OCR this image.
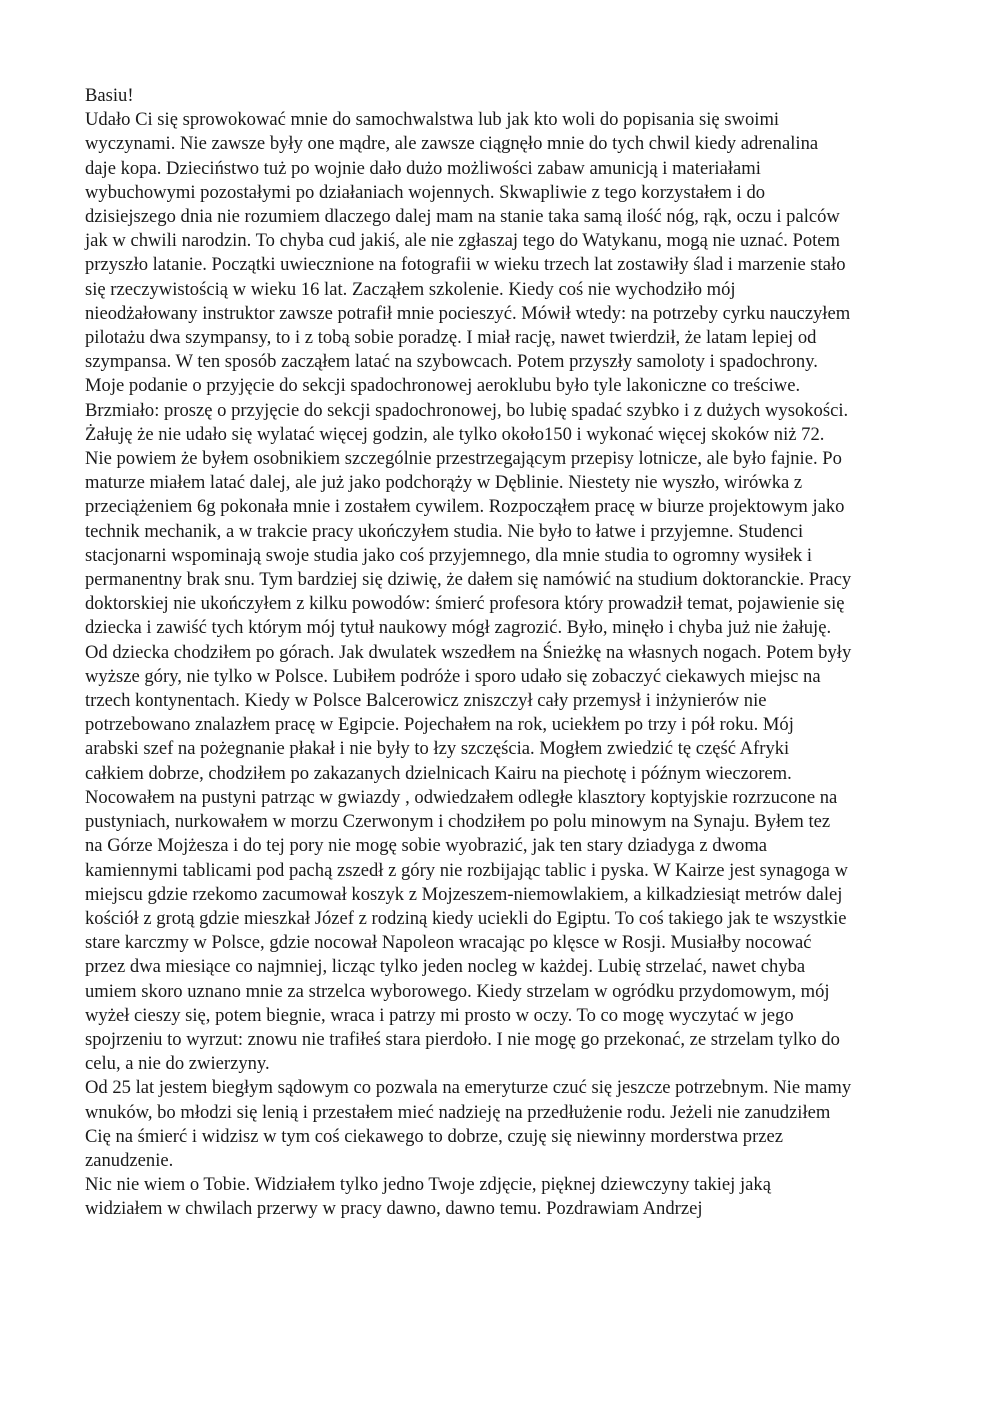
Basiu!

Udało Ci się sprowokować mnie do samochwalstwa lub jak kto woli do popisania się swoimi
wyczynami. Nie zawsze były one mądre, ale zawsze ciągnęło mnie do tych chwil kiedy adrenalina
daje kopa. Dzieciństwo tuż po wojnie dało dużo możliwości zabaw amunicją i materiałami
wybuchowymi pozostałymi po działaniach wojennych. Skwapliwie z tego korzystałem i do
dzisiejszego dnia nie rozumiem dlaczego dalej mam na stanie taka samą ilość nóg, rąk, oczu i palców
jak w chwili narodzin. To chyba cud jakiś, ale nie zgłaszaj tego do Watykanu, mogą nie uznać. Potem
przyszło latanie. Początki uwiecznione na fotografii w wieku trzech lat zostawiły ślad i marzenie stało
się rzeczywistością w wieku 16 lat. Zacząłem szkolenie. Kiedy coś nie wychodziło mój
nieodżałowany instruktor zawsze potrafił mnie pocieszyć. Mówił wtedy: na potrzeby cyrku nauczyłem
pilotażu dwa szympansy, to i z tobą sobie poradzę. I miał rację, nawet twierdził, że latam lepiej od
szympansa. W ten sposób zacząłem latać na szybowcach. Potem przyszły samoloty i spadochrony.
Moje podanie o przyjęcie do sekcji spadochronowej aeroklubu było tyle lakoniczne co treściwe.
Brzmiało: proszę o przyjęcie do sekcji spadochronowej, bo lubię spadać szybko i z dużych wysokości.
Żałuję że nie udało się wylatać więcej godzin, ale tylko około150 i wykonać więcej skoków niż 72.
Nie powiem że byłem osobnikiem szczególnie przestrzegającym przepisy lotnicze, ale było fajnie. Po
maturze miałem latać dalej, ale już jako podchorąży w Dęblinie. Niestety nie wyszło, wirówka z
przeciążeniem 6g pokonała mnie i zostałem cywilem. Rozpocząłem pracę w biurze projektowym jako
technik mechanik, a w trakcie pracy ukończyłem studia. Nie było to łatwe i przyjemne. Studenci
stacjonarni wspominają swoje studia jako coś przyjemnego, dla mnie studia to ogromny wysiłek i
permanentny brak snu. Tym bardziej się dziwię, że dałem się namówić na studium doktoranckie. Pracy
doktorskiej nie ukończyłem z kilku powodów: śmierć profesora który prowadził temat, pojawienie się
dziecka i zawiść tych którym mój tytuł naukowy mógł zagrozić. Było, minęło i chyba już nie żałuję.
Od dziecka chodziłem po górach. Jak dwulatek wszedłem na Śnieżkę na własnych nogach. Potem były
wyższe góry, nie tylko w Polsce. Lubiłem podróże i sporo udało się zobaczyć ciekawych miejsc na
trzech kontynentach. Kiedy w Polsce Balcerowicz zniszczył cały przemysł i inżynierów nie
potrzebowano znalazłem pracę w Egipcie. Pojechałem na rok, uciekłem po trzy i pół roku. Mój
arabski szef na pożegnanie płakał i nie były to łzy szczęścia. Mogłem zwiedzić tę część Afryki
całkiem dobrze, chodziłem po zakazanych dzielnicach Kairu na piechotę i późnym wieczorem.
Nocowałem na pustyni patrząc w gwiazdy , odwiedzałem odległe klasztory koptyjskie rozrzucone na
pustyniach, nurkowałem w morzu Czerwonym i chodziłem po polu minowym na Synaju. Byłem tez
na Górze Mojżesza i do tej pory nie mogę sobie wyobrazić, jak ten stary dziadyga z dwoma
kamiennymi tablicami pod pachą zszedł z góry nie rozbijając tablic i pyska. W Kairze jest synagoga w
miejscu gdzie rzekomo zacumował koszyk z Mojzeszem-niemowlakiem, a kilkadziesiąt metrów dalej
kościół z grotą gdzie mieszkał Józef z rodziną kiedy uciekli do Egiptu. To coś takiego jak te wszystkie
stare karczmy w Polsce, gdzie nocował Napoleon wracając po klęsce w Rosji. Musiałby nocować
przez dwa miesiące co najmniej, licząc tylko jeden nocleg w każdej. Lubię strzelać, nawet chyba
umiem skoro uznano mnie za strzelca wyborowego. Kiedy strzelam w ogródku przydomowym, mój
wyżeł cieszy się, potem biegnie, wraca i patrzy mi prosto w oczy. To co mogę wyczytać w jego
spojrzeniu to wyrzut: znowu nie trafiłeś stara pierdoło. I nie mogę go przekonać, ze strzelam tylko do
celu, a nie do zwierzyny.
Od 25 lat jestem biegłym sądowym co pozwala na emeryturze czuć się jeszcze potrzebnym. Nie mamy
wnuków, bo młodzi się lenią i przestałem mieć nadzieję na przedłużenie rodu. Jeżeli nie zanudziłem
Cię na śmierć i widzisz w tym coś ciekawego to dobrze, czuję się niewinny morderstwa przez
zanudzenie.
Nic nie wiem o Tobie. Widziałem tylko jedno Twoje zdjęcie, pięknej dziewczyny takiej jaką
widziałem w chwilach przerwy w pracy dawno, dawno temu. Pozdrawiam Andrzej
